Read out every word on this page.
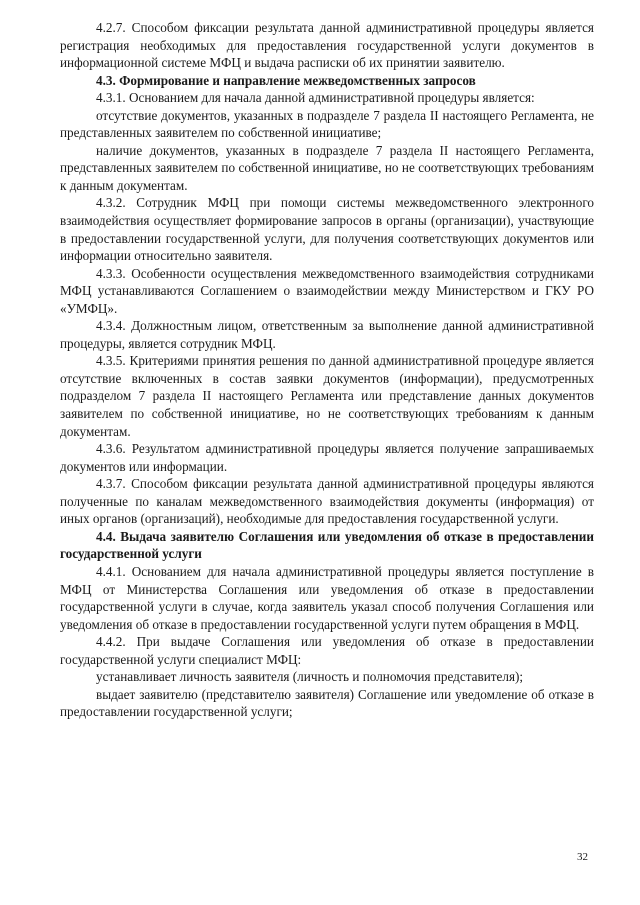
4.2.7. Способом фиксации результата данной административной процедуры является регистрация необходимых для предоставления государственной услуги документов в информационной системе МФЦ и выдача расписки об их принятии заявителю.

4.3. Формирование и направление межведомственных запросов

4.3.1. Основанием для начала данной административной процедуры является:

отсутствие документов, указанных в подразделе 7 раздела II настоящего Регламента, не представленных заявителем по собственной инициативе;

наличие документов, указанных в подразделе 7 раздела II настоящего Регламента, представленных заявителем по собственной инициативе, но не соответствующих требованиям к данным документам.

4.3.2. Сотрудник МФЦ при помощи системы межведомственного электронного взаимодействия осуществляет формирование запросов в органы (организации), участвующие в предоставлении государственной услуги, для получения соответствующих документов или информации относительно заявителя.

4.3.3. Особенности осуществления межведомственного взаимодействия сотрудниками МФЦ устанавливаются Соглашением о взаимодействии между Министерством и ГКУ РО «УМФЦ».

4.3.4. Должностным лицом, ответственным за выполнение данной административной процедуры, является сотрудник МФЦ.

4.3.5. Критериями принятия решения по данной административной процедуре является отсутствие включенных в состав заявки документов (информации), предусмотренных подразделом 7 раздела II настоящего Регламента или представление данных документов заявителем по собственной инициативе, но не соответствующих требованиям к данным документам.

4.3.6. Результатом административной процедуры является получение запрашиваемых документов или информации.

4.3.7. Способом фиксации результата данной административной процедуры являются полученные по каналам межведомственного взаимодействия документы (информация) от иных органов (организаций), необходимые для предоставления государственной услуги.

4.4. Выдача заявителю Соглашения или уведомления об отказе в предоставлении государственной услуги

4.4.1. Основанием для начала административной процедуры является поступление в МФЦ от Министерства Соглашения или уведомления об отказе в предоставлении государственной услуги в случае, когда заявитель указал способ получения Соглашения или уведомления об отказе в предоставлении государственной услуги путем обращения в МФЦ.

4.4.2. При выдаче Соглашения или уведомления об отказе в предоставлении государственной услуги специалист МФЦ:

устанавливает личность заявителя (личность и полномочия представителя);

выдает заявителю (представителю заявителя) Соглашение или уведомление об отказе в предоставлении государственной услуги;

32
